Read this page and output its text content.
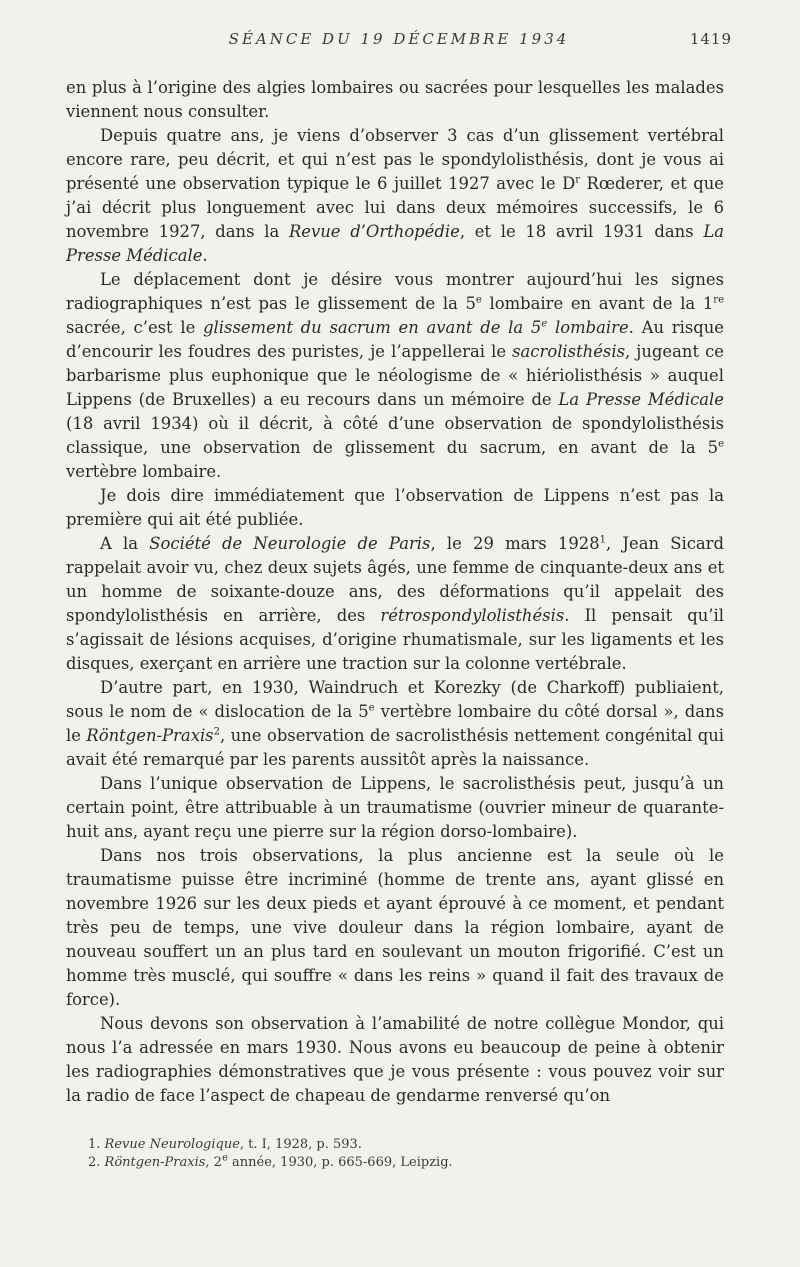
SÉANCE DU 19 DÉCEMBRE 1934	1419

en plus à l’origine des algies lombaires ou sacrées pour lesquelles les malades viennent nous consulter.

Depuis quatre ans, je viens d’observer 3 cas d’un glissement vertébral encore rare, peu décrit, et qui n’est pas le spondylolisthésis, dont je vous ai présenté une observation typique le 6 juillet 1927 avec le $D^r$ Rœderer, et que j’ai décrit plus longuement avec lui dans deux mémoires successifs, le 6 novembre 1927, dans la Revue d’Orthopédie, et le 18 avril 1931 dans La Presse Médicale.

Le déplacement dont je désire vous montrer aujourd’hui les signes radiographiques n’est pas le glissement de la 5e lombaire en avant de la 1re sacrée, c’est le glissement du sacrum en avant de la 5e lombaire. Au risque d’encourir les foudres des puristes, je l’appellerai le sacrolisthésis, jugeant ce barbarisme plus euphonique que le néologisme de « hiériolisthésis » auquel Lippens (de Bruxelles) a eu recours dans un mémoire de La Presse Médicale (18 avril 1934) où il décrit, à côté d’une observation de spondylolisthésis classique, une observation de glissement du sacrum, en avant de la 5e vertèbre lombaire.

Je dois dire immédiatement que l’observation de Lippens n’est pas la première qui ait été publiée.

A la Société de Neurologie de Paris, le 29 mars 1928$^1$, Jean Sicard rappelait avoir vu, chez deux sujets âgés, une femme de cinquante-deux ans et un homme de soixante-douze ans, des déformations qu’il appelait des spondylolisthésis en arrière, des rétrospondylolisthésis. Il pensait qu’il s’agissait de lésions acquises, d’origine rhumatismale, sur les ligaments et les disques, exerçant en arrière une traction sur la colonne vertébrale.

D’autre part, en 1930, Waindruch et Korezky (de Charkoff) publiaient, sous le nom de « dislocation de la 5e vertèbre lombaire du côté dorsal », dans le Röntgen-Praxis$^2$, une observation de sacrolisthésis nettement congénital qui avait été remarqué par les parents aussitôt après la naissance.

Dans l’unique observation de Lippens, le sacrolisthésis peut, jusqu’à un certain point, être attribuable à un traumatisme (ouvrier mineur de quarante-huit ans, ayant reçu une pierre sur la région dorso-lombaire).

Dans nos trois observations, la plus ancienne est la seule où le traumatisme puisse être incriminé (homme de trente ans, ayant glissé en novembre 1926 sur les deux pieds et ayant éprouvé à ce moment, et pendant très peu de temps, une vive douleur dans la région lombaire, ayant de nouveau souffert un an plus tard en soulevant un mouton frigorifié. C’est un homme très musclé, qui souffre « dans les reins » quand il fait des travaux de force).

Nous devons son observation à l’amabilité de notre collègue Mondor, qui nous l’a adressée en mars 1930. Nous avons eu beaucoup de peine à obtenir les radiographies démonstratives que je vous présente : vous pouvez voir sur la radio de face l’aspect de chapeau de gendarme renversé qu’on

1. Revue Neurologique, t. I, 1928, p. 593.
2. Röntgen-Praxis, 2e année, 1930, p. 665-669, Leipzig.
